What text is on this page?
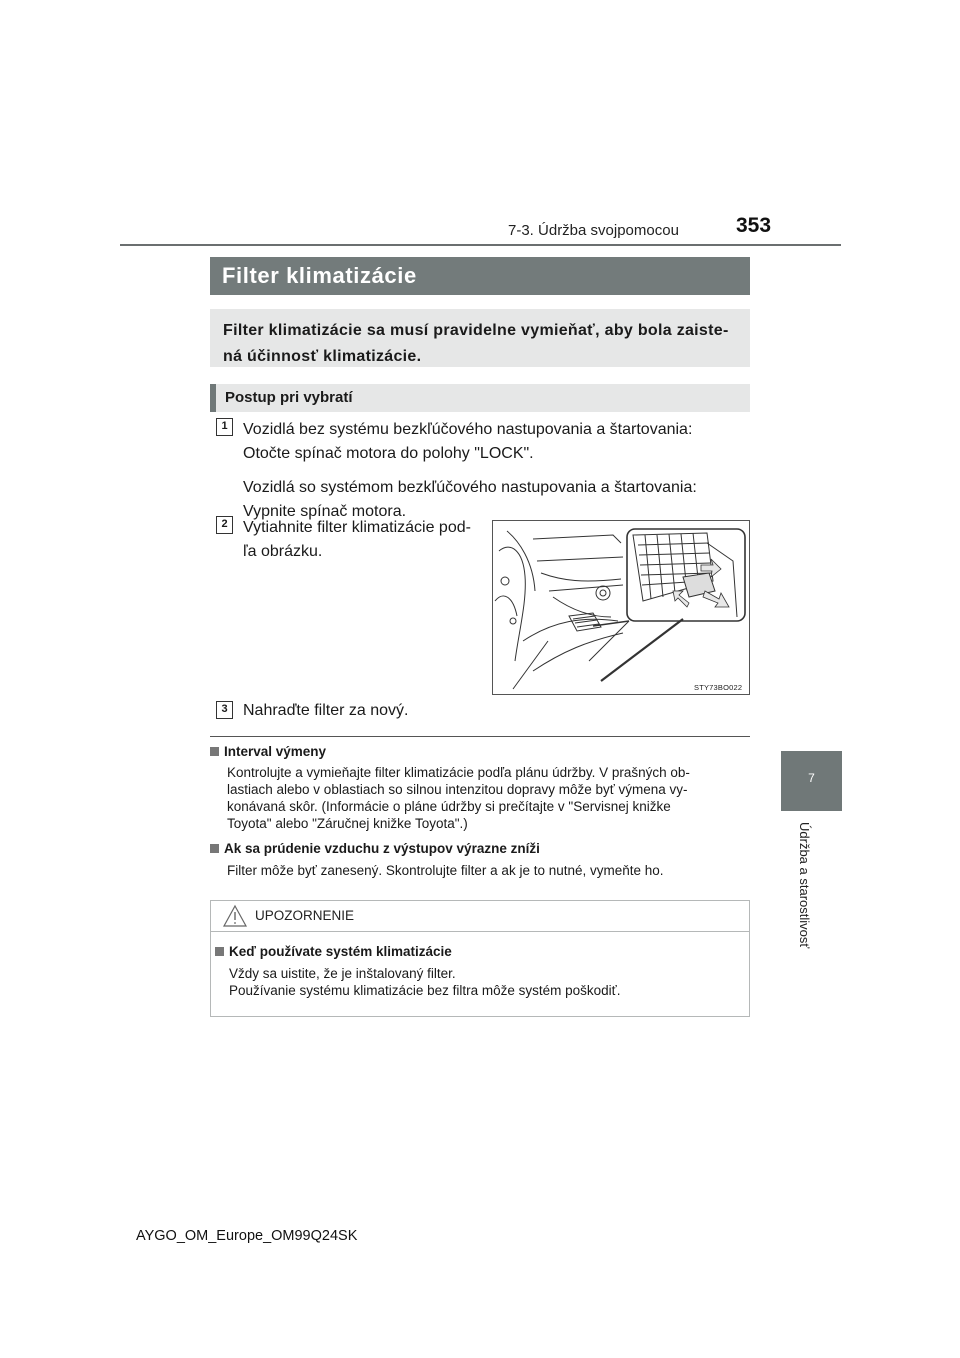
7-3. Údržba svojpomocou	353
7
Údržba a starostlivosť
Filter klimatizácie
Filter klimatizácie sa musí pravidelne vymieňať, aby bola zaiste-
ná účinnosť klimatizácie.
Postup pri vybratí
1 Vozidlá bez systému bezkľúčového nastupovania a štartovania:
Otočte spínač motora do polohy "LOCK".
Vozidlá so systémom bezkľúčového nastupovania a štartovania:
Vypnite spínač motora.
2 Vytiahnite filter klimatizácie pod-
ľa obrázku.
STY73BO022
3 Nahraďte filter za nový.
Interval výmeny
Kontrolujte a vymieňajte filter klimatizácie podľa plánu údržby. V prašných ob-
lastiach alebo v oblastiach so silnou intenzitou dopravy môže byť výmena vy-
konávaná skôr. (Informácie o pláne údržby si prečítajte v "Servisnej knižke
Toyota" alebo "Záručnej knižke Toyota".)
Ak sa prúdenie vzduchu z výstupov výrazne zníži
Filter môže byť zanesený. Skontrolujte filter a ak je to nutné, vymeňte ho.
UPOZORNENIE
Keď používate systém klimatizácie
Vždy sa uistite, že je inštalovaný filter.
Používanie systému klimatizácie bez filtra môže systém poškodiť.
AYGO_OM_Europe_OM99Q24SK
